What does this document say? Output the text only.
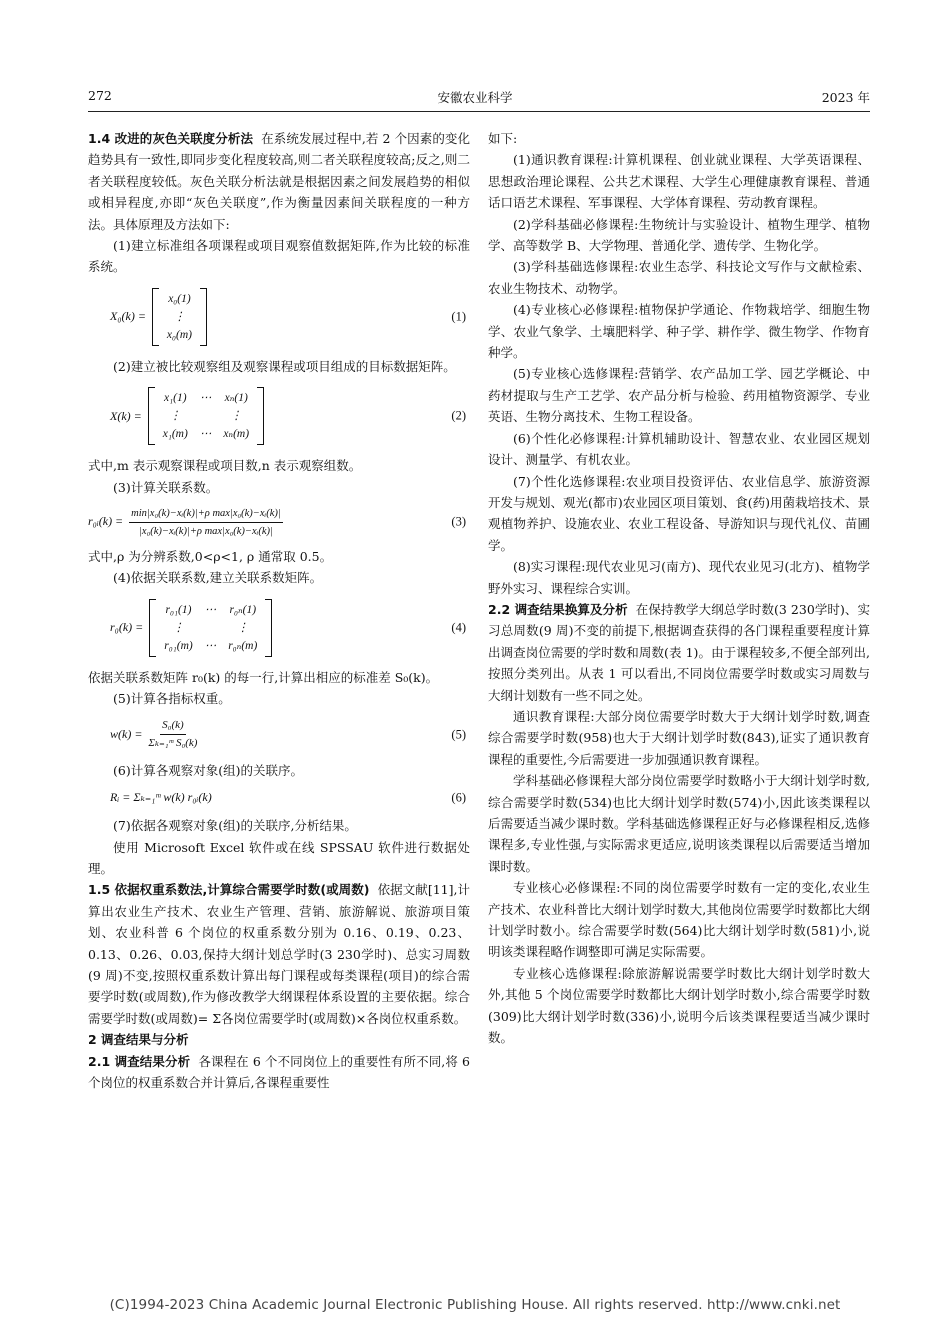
272	安徽农业科学	2023 年

1.4 改进的灰色关联度分析法 在系统发展过程中,若 2 个因素的变化趋势具有一致性,即同步变化程度较高,则二者关联程度较高;反之,则二者关联程度较低。灰色关联分析法就是根据因素之间发展趋势的相似或相异程度,亦即“灰色关联度”,作为衡量因素间关联程度的一种方法。具体原理及方法如下:

(1)建立标准组各项课程或项目观察值数据矩阵,作为比较的标准系统。

X₀(k) =
x₀(1)
⋮
x₀(m)
(1)

(2)建立被比较观察组及观察课程或项目组成的目标数据矩阵。

X(k) =
x₁(1)	⋯	xₙ(1)
⋮	⋮
x₁(m)	⋯	xₙ(m)
(2)

式中,m 表示观察课程或项目数,n 表示观察组数。

(3)计算关联系数。

r₀ᵢ(k) = $\frac{\text{min|x₀(k)−xᵢ(k)|+ρ max|x₀(k)−xᵢ(k)|}}{\text{|x₀(k)−xᵢ(k)|+ρ max|x₀(k)−xᵢ(k)|}}$	(3)

式中,ρ 为分辨系数,0<ρ<1, ρ 通常取 0.5。

(4)依据关联系数,建立关联系数矩阵。

r₀(k) =
r₀₁(1)	⋯	r₀ₙ(1)
⋮	⋮
r₀₁(m)	⋯	r₀ₙ(m)
(4)

依据关联系数矩阵 r₀(k) 的每一行,计算出相应的标准差 S₀(k)。

(5)计算各指标权重。

$w(k) = \frac{\text{S₀(k)}}{\text{Σₖ₌₁ᵐ S₀(k)}}$	(5)

(6)计算各观察对象(组)的关联序。

Rᵢ = Σₖ₌₁ᵐ w(k) r₀ᵢ(k)	(6)

(7)依据各观察对象(组)的关联序,分析结果。

使用 Microsoft Excel 软件或在线 SPSSAU 软件进行数据处理。

1.5 依据权重系数法,计算综合需要学时数(或周数) 依据文献[11],计算出农业生产技术、农业生产管理、营销、旅游解说、旅游项目策划、农业科普 6 个岗位的权重系数分别为 0.16、0.19、0.23、0.13、0.26、0.03,保持大纲计划总学时(3 230学时)、总实习周数(9 周)不变,按照权重系数计算出每门课程或每类课程(项目)的综合需要学时数(或周数),作为修改教学大纲课程体系设置的主要依据。综合需要学时数(或周数)= Σ各岗位需要学时(或周数)×各岗位权重系数。

2 调查结果与分析

2.1 调查结果分析 各课程在 6 个不同岗位上的重要性有所不同,将 6 个岗位的权重系数合并计算后,各课程重要性

如下:

(1)通识教育课程:计算机课程、创业就业课程、大学英语课程、思想政治理论课程、公共艺术课程、大学生心理健康教育课程、普通话口语艺术课程、军事课程、大学体育课程、劳动教育课程。

(2)学科基础必修课程:生物统计与实验设计、植物生理学、植物学、高等数学 B、大学物理、普通化学、遗传学、生物化学。

(3)学科基础选修课程:农业生态学、科技论文写作与文献检索、农业生物技术、动物学。

(4)专业核心必修课程:植物保护学通论、作物栽培学、细胞生物学、农业气象学、土壤肥料学、种子学、耕作学、微生物学、作物育种学。

(5)专业核心选修课程:营销学、农产品加工学、园艺学概论、中药材提取与生产工艺学、农产品分析与检验、药用植物资源学、专业英语、生物分离技术、生物工程设备。

(6)个性化必修课程:计算机辅助设计、智慧农业、农业园区规划设计、测量学、有机农业。

(7)个性化选修课程:农业项目投资评估、农业信息学、旅游资源开发与规划、观光(都市)农业园区项目策划、食(药)用菌栽培技术、景观植物养护、设施农业、农业工程设备、导游知识与现代礼仪、苗圃学。

(8)实习课程:现代农业见习(南方)、现代农业见习(北方)、植物学野外实习、课程综合实训。

2.2 调查结果换算及分析 在保持教学大纲总学时数(3 230学时)、实习总周数(9 周)不变的前提下,根据调查获得的各门课程重要程度计算出调查岗位需要的学时数和周数(表 1)。由于课程较多,不便全部列出,按照分类列出。从表 1 可以看出,不同岗位需要学时数或实习周数与大纲计划数有一些不同之处。

通识教育课程:大部分岗位需要学时数大于大纲计划学时数,调查综合需要学时数(958)也大于大纲计划学时数(843),证实了通识教育课程的重要性,今后需要进一步加强通识教育课程。

学科基础必修课程大部分岗位需要学时数略小于大纲计划学时数,综合需要学时数(534)也比大纲计划学时数(574)小,因此该类课程以后需要适当减少课时数。学科基础选修课程正好与必修课程相反,选修课程多,专业性强,与实际需求更适应,说明该类课程以后需要适当增加课时数。

专业核心必修课程:不同的岗位需要学时数有一定的变化,农业生产技术、农业科普比大纲计划学时数大,其他岗位需要学时数都比大纲计划学时数小。综合需要学时数(564)比大纲计划学时数(581)小,说明该类课程略作调整即可满足实际需要。

专业核心选修课程:除旅游解说需要学时数比大纲计划学时数大外,其他 5 个岗位需要学时数都比大纲计划学时数小,综合需要学时数(309)比大纲计划学时数(336)小,说明今后该类课程要适当减少课时数。

(C)1994-2023 China Academic Journal Electronic Publishing House. All rights reserved. http://www.cnki.net
